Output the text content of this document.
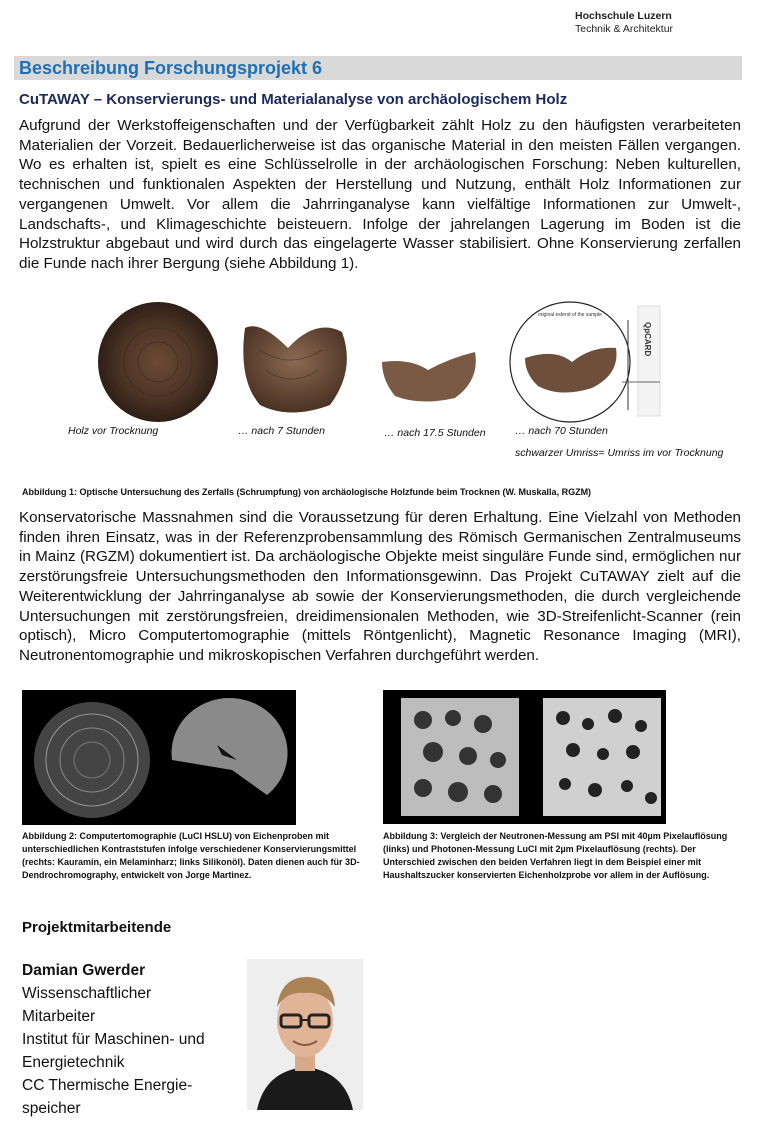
Hochschule Luzern
Technik & Architektur
Beschreibung Forschungsprojekt 6
CuTAWAY – Konservierungs- und Materialanalyse von archäologischem Holz
Aufgrund der Werkstoffeigenschaften und der Verfügbarkeit zählt Holz zu den häufigsten verarbeiteten Materialien der Vorzeit. Bedauerlicherweise ist das organische Material in den meisten Fällen vergangen. Wo es erhalten ist, spielt es eine Schlüsselrolle in der archäologischen Forschung: Neben kulturellen, technischen und funktionalen Aspekten der Herstellung und Nutzung, enthält Holz Informationen zur vergangenen Umwelt. Vor allem die Jahrringanalyse kann vielfältige Informationen zur Umwelt-, Landschafts-, und Klimageschichte beisteuern. Infolge der jahrelangen Lagerung im Boden ist die Holzstruktur abgebaut und wird durch das eingelagerte Wasser stabilisiert. Ohne Konservierung zerfallen die Funde nach ihrer Bergung (siehe Abbildung 1).
original extend of the sample
QpCARD
Holz vor Trocknung	… nach 7 Stunden	… nach 17.5 Stunden	… nach 70 Stunden
schwarzer Umriss= Umriss im vor Trocknung
Abbildung 1: Optische Untersuchung des Zerfalls (Schrumpfung) von archäologische Holzfunde beim Trocknen (W. Muskalla, RGZM)
Konservatorische Massnahmen sind die Voraussetzung für deren Erhaltung. Eine Vielzahl von Methoden finden ihren Einsatz, was in der Referenzprobensammlung des Römisch Germanischen Zentralmuseums in Mainz (RGZM) dokumentiert ist. Da archäologische Objekte meist singuläre Funde sind, ermöglichen nur zerstörungsfreie Untersuchungsmethoden den Informationsgewinn. Das Projekt CuTAWAY zielt auf die Weiterentwicklung der Jahrringanalyse ab sowie der Konservierungsmethoden, die durch vergleichende Untersuchungen mit zerstörungsfreien, dreidimensionalen Methoden, wie 3D-Streifenlicht-Scanner (rein optisch), Micro Computertomographie (mittels Röntgenlicht), Magnetic Resonance Imaging (MRI), Neutronentomographie und mikroskopischen Verfahren durchgeführt werden.
Abbildung 2: Computertomographie (LuCI HSLU) von Eichenproben mit unterschiedlichen Kontraststufen infolge verschiedener Konservierungsmittel (rechts: Kauramin, ein Melaminharz; links Silikonöl). Daten dienen auch für 3D-Dendrochromography, entwickelt von Jorge Martinez.
Abbildung 3: Vergleich der Neutronen-Messung am PSI mit 40µm Pixelauflösung (links) und Photonen-Messung LuCI mit 2µm Pixelauflösung (rechts). Der Unterschied zwischen den beiden Verfahren liegt in dem Beispiel einer mit Haushaltszucker konservierten Eichenholzprobe vor allem in der Auflösung.
Projektmitarbeitende
Damian Gwerder
Wissenschaftlicher
Mitarbeiter
Institut für Maschinen- und
Energietechnik
CC Thermische Energie-
speicher
